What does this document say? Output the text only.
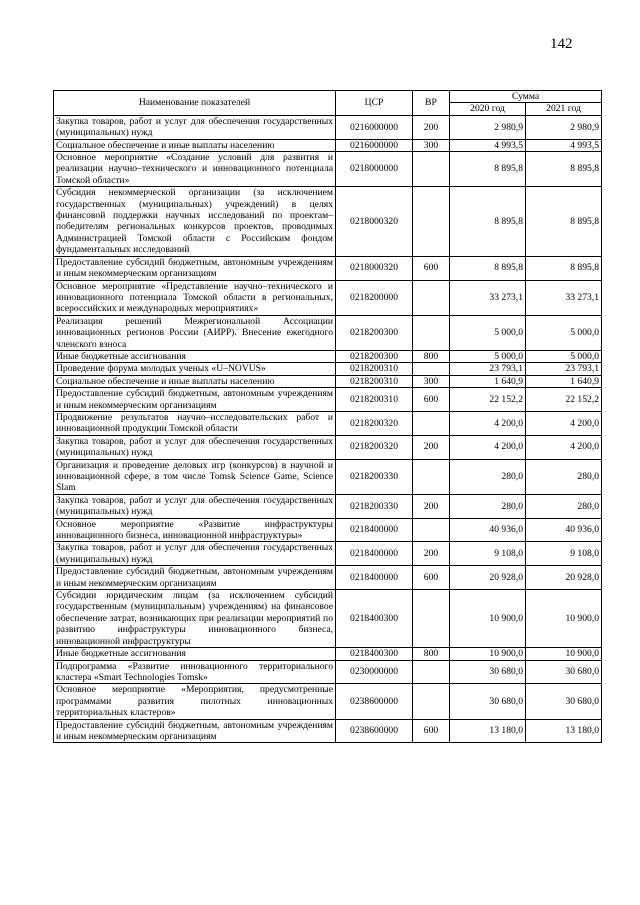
142
Наименование показателей	ЦСР	ВР	Сумма	
			2020 год	2021 год
Закупка товаров, работ и услуг для обеспечения государственных (муниципальных) нужд	0216000000	200	2 980,9	2 980,9
Социальное обеспечение и иные выплаты населению	0216000000	300	4 993,5	4 993,5
Основное мероприятие «Создание условий для развития и реализации научно–технического и инновационного потенциала Томской области»	0218000000		8 895,8	8 895,8
Субсидия некоммерческой организации (за исключением государственных (муниципальных) учреждений) в целях финансовой поддержки научных исследований по проектам–победителям региональных конкурсов проектов, проводимых Администрацией Томской области с Российским фондом фундаментальных исследований	0218000320		8 895,8	8 895,8
Предоставление субсидий бюджетным, автономным учреждениям и иным некоммерческим организациям	0218000320	600	8 895,8	8 895,8
Основное мероприятие «Представление научно–технического и инновационного потенциала Томской области в региональных, всероссийских и международных мероприятиях»	0218200000		33 273,1	33 273,1
Реализация решений Межрегиональной Ассоциации инновационных регионов России (АИРР). Внесение ежегодного членского взноса	0218200300		5 000,0	5 000,0
Иные бюджетные ассигнования	0218200300	800	5 000,0	5 000,0
Проведение форума молодых ученых «U–NOVUS»	0218200310		23 793,1	23 793,1
Социальное обеспечение и иные выплаты населению	0218200310	300	1 640,9	1 640,9
Предоставление субсидий бюджетным, автономным учреждениям и иным некоммерческим организациям	0218200310	600	22 152,2	22 152,2
Продвижение результатов научно–исследовательских работ и инновационной продукции Томской области	0218200320		4 200,0	4 200,0
Закупка товаров, работ и услуг для обеспечения государственных (муниципальных) нужд	0218200320	200	4 200,0	4 200,0
Организация и проведение деловых игр (конкурсов) в научной и инновационной сфере, в том числе Tomsk Science Game, Science Slam	0218200330		280,0	280,0
Закупка товаров, работ и услуг для обеспечения государственных (муниципальных) нужд	0218200330	200	280,0	280,0
Основное мероприятие «Развитие инфраструктуры инновационного бизнеса, инновационной инфраструктуры»	0218400000		40 936,0	40 936,0
Закупка товаров, работ и услуг для обеспечения государственных (муниципальных) нужд	0218400000	200	9 108,0	9 108,0
Предоставление субсидий бюджетным, автономным учреждениям и иным некоммерческим организациям	0218400000	600	20 928,0	20 928,0
Субсидии юридическим лицам (за исключением субсидий государственным (муниципальным) учреждениям) на финансовое обеспечение затрат, возникающих при реализации мероприятий по развитию инфраструктуры инновационного бизнеса, инновационной инфраструктуры	0218400300		10 900,0	10 900,0
Иные бюджетные ассигнования	0218400300	800	10 900,0	10 900,0
Подпрограмма «Развитие инновационного территориального кластера «Smart Technologies Tomsk»	0230000000		30 680,0	30 680,0
Основное мероприятие «Мероприятия, предусмотренные программами развития пилотных инновационных территориальных кластеров»	0238600000		30 680,0	30 680,0
Предоставление субсидий бюджетным, автономным учреждениям и иным некоммерческим организациям	0238600000	600	13 180,0	13 180,0
